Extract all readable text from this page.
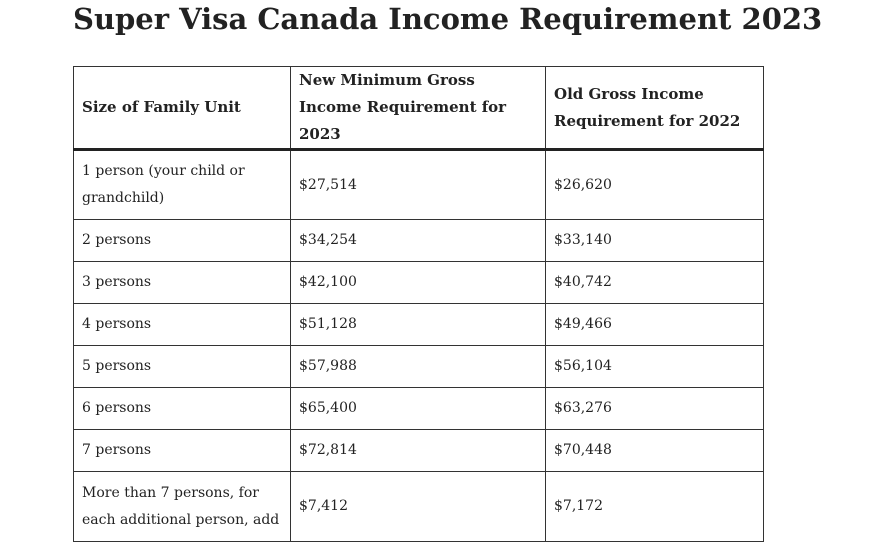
Super Visa Canada Income Requirement 2023
Size of Family Unit	New Minimum Gross Income Requirement for 2023	Old Gross Income Requirement for 2022
1 person (your child or grandchild)	$27,514	$26,620
2 persons	$34,254	$33,140
3 persons	$42,100	$40,742
4 persons	$51,128	$49,466
5 persons	$57,988	$56,104
6 persons	$65,400	$63,276
7 persons	$72,814	$70,448
More than 7 persons, for each additional person, add	$7,412	$7,172
